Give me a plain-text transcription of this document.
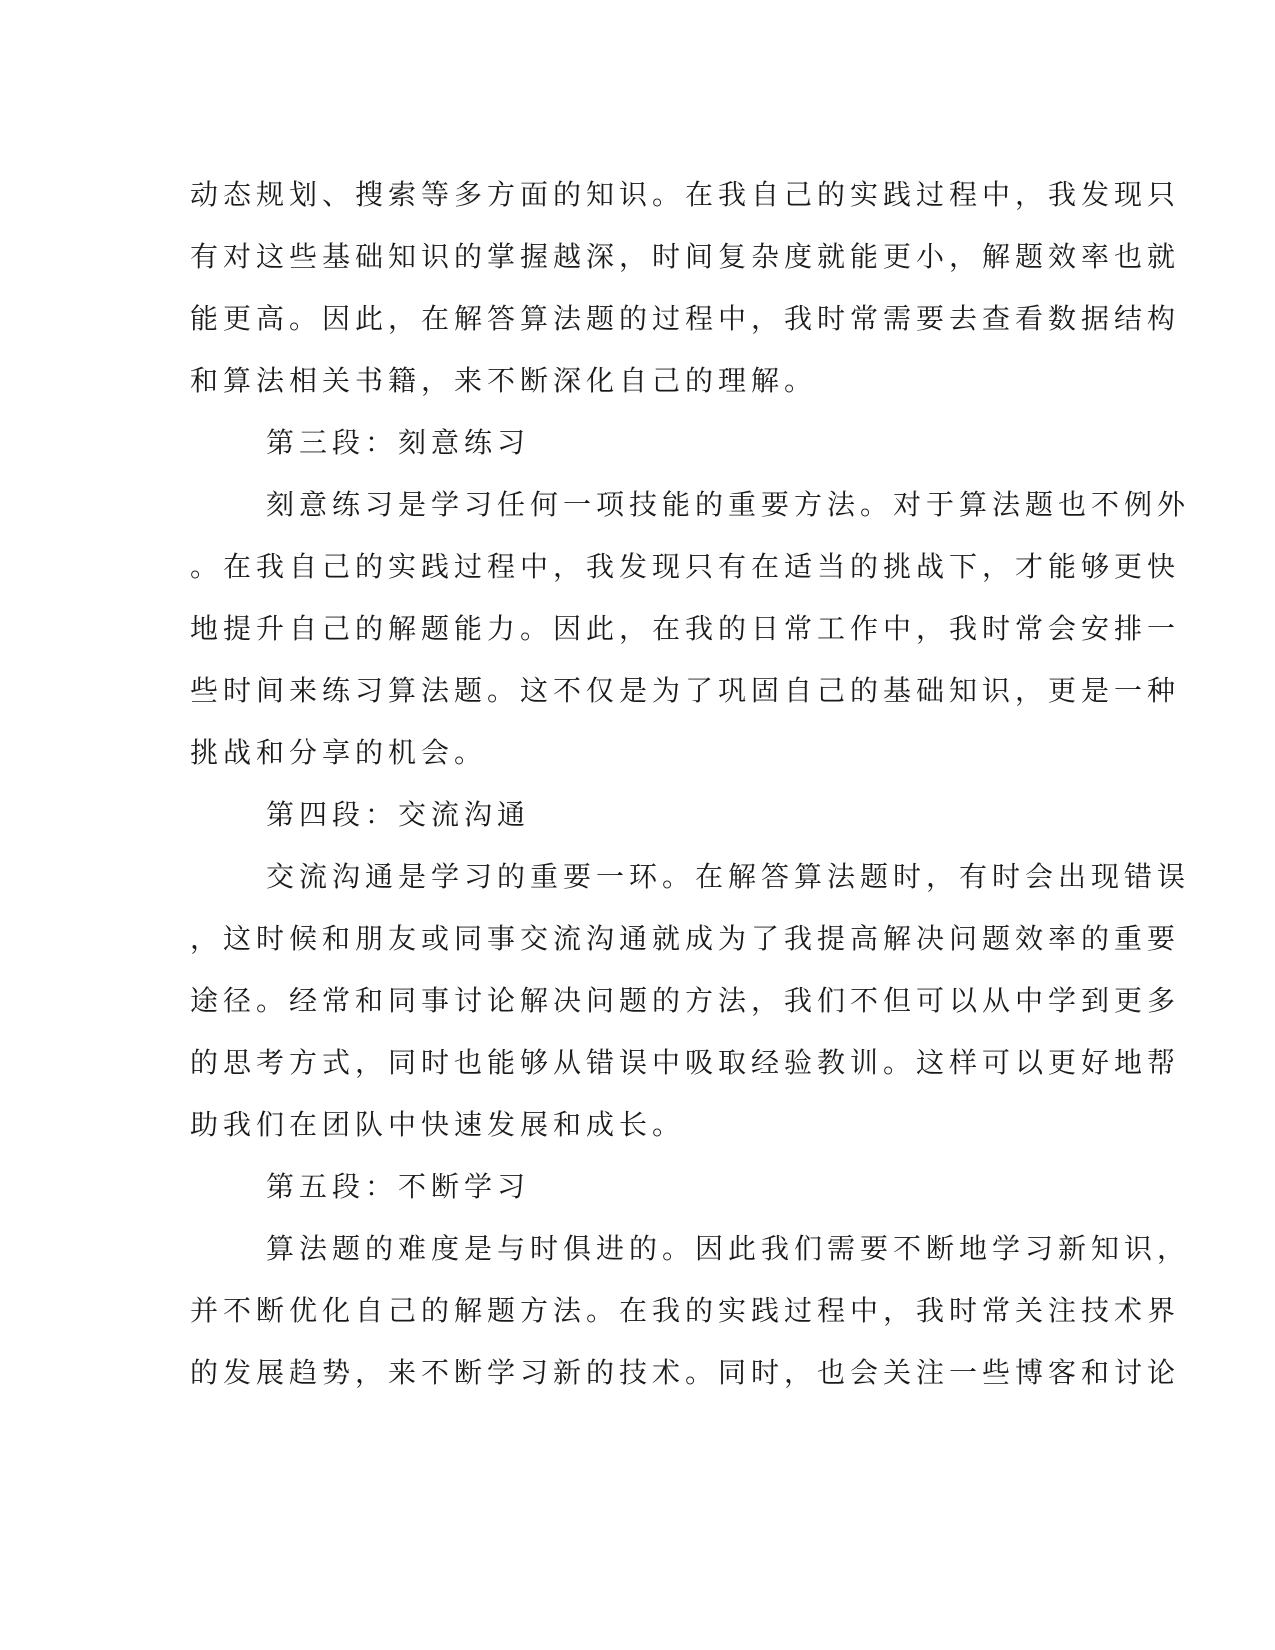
动态规划、搜索等多方面的知识。在我自己的实践过程中，我发现只
有对这些基础知识的掌握越深，时间复杂度就能更小，解题效率也就
能更高。因此，在解答算法题的过程中，我时常需要去查看数据结构
和算法相关书籍，来不断深化自己的理解。
第三段：刻意练习
刻意练习是学习任何一项技能的重要方法。对于算法题也不例外
。在我自己的实践过程中，我发现只有在适当的挑战下，才能够更快
地提升自己的解题能力。因此，在我的日常工作中，我时常会安排一
些时间来练习算法题。这不仅是为了巩固自己的基础知识，更是一种
挑战和分享的机会。
第四段：交流沟通
交流沟通是学习的重要一环。在解答算法题时，有时会出现错误
，这时候和朋友或同事交流沟通就成为了我提高解决问题效率的重要
途径。经常和同事讨论解决问题的方法，我们不但可以从中学到更多
的思考方式，同时也能够从错误中吸取经验教训。这样可以更好地帮
助我们在团队中快速发展和成长。
第五段：不断学习
算法题的难度是与时俱进的。因此我们需要不断地学习新知识，
并不断优化自己的解题方法。在我的实践过程中，我时常关注技术界
的发展趋势，来不断学习新的技术。同时，也会关注一些博客和讨论
